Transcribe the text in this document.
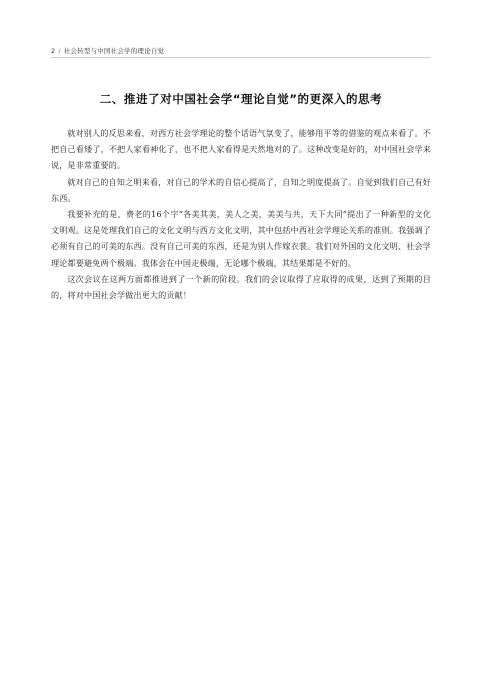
2 / 社会转型与中国社会学的理论自觉
二、推进了对中国社会学“理论自觉”的更深入的思考

就对别人的反思来看，对西方社会学理论的整个话语气氛变了，能够用平等的借鉴的观点来看了。不把自己看矮了，不把人家看神化了，也不把人家看得是天然地对的了。这种改变是好的，对中国社会学来说，是非常重要的。

就对自己的自知之明来看，对自己的学术的自信心提高了，自知之明度提高了。自觉到我们自己有好东西。

我要补充的是，费老的16个字“各美其美，美人之美，美美与共，天下大同”提出了一种新型的文化文明观。这是处理我们自己的文化文明与西方文化文明，其中包括中西社会学理论关系的准则。我强调了必须有自己的可美的东西。没有自己可美的东西，还是为别人作嫁衣裳。我们对外国的文化文明、社会学理论都要避免两个极端。我体会在中国走极端，无论哪个极端，其结果都是不好的。

这次会议在这两方面都推进到了一个新的阶段。我们的会议取得了应取得的成果，达到了预期的目的，将对中国社会学做出更大的贡献！
